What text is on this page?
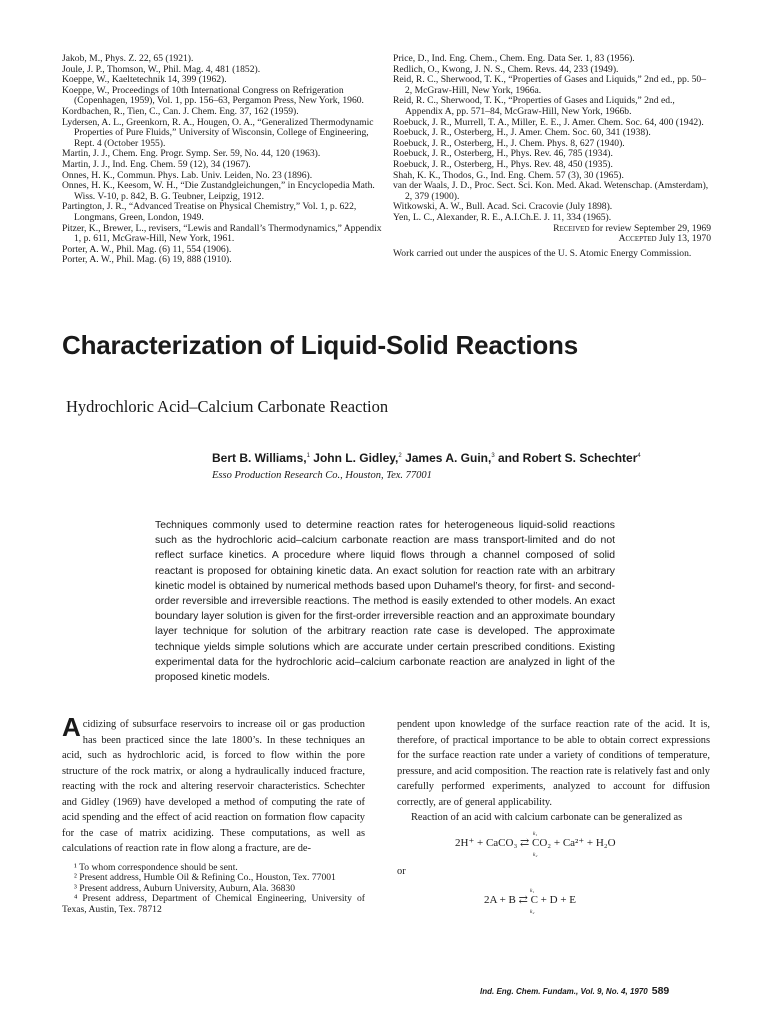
Jakob, M., Phys. Z. 22, 65 (1921).

Joule, J. P., Thomson, W., Phil. Mag. 4, 481 (1852).

Koeppe, W., Kaeltetechnik 14, 399 (1962).

Koeppe, W., Proceedings of 10th International Congress on Refrigeration (Copenhagen, 1959), Vol. 1, pp. 156–63, Pergamon Press, New York, 1960.

Kordbachen, R., Tien, C., Can. J. Chem. Eng. 37, 162 (1959).

Lydersen, A. L., Greenkorn, R. A., Hougen, O. A., “Generalized Thermodynamic Properties of Pure Fluids,” University of Wisconsin, College of Engineering, Rept. 4 (October 1955).

Martin, J. J., Chem. Eng. Progr. Symp. Ser. 59, No. 44, 120 (1963).

Martin, J. J., Ind. Eng. Chem. 59 (12), 34 (1967).

Onnes, H. K., Commun. Phys. Lab. Univ. Leiden, No. 23 (1896).

Onnes, H. K., Keesom, W. H., “Die Zustandgleichungen,” in Encyclopedia Math. Wiss. V-10, p. 842, B. G. Teubner, Leipzig, 1912.

Partington, J. R., “Advanced Treatise on Physical Chemistry,” Vol. 1, p. 622, Longmans, Green, London, 1949.

Pitzer, K., Brewer, L., revisers, “Lewis and Randall’s Thermodynamics,” Appendix 1, p. 611, McGraw-Hill, New York, 1961.

Porter, A. W., Phil. Mag. (6) 11, 554 (1906).

Porter, A. W., Phil. Mag. (6) 19, 888 (1910).

Price, D., Ind. Eng. Chem., Chem. Eng. Data Ser. 1, 83 (1956).

Redlich, O., Kwong, J. N. S., Chem. Revs. 44, 233 (1949).

Reid, R. C., Sherwood, T. K., “Properties of Gases and Liquids,” 2nd ed., pp. 50–2, McGraw-Hill, New York, 1966a.

Reid, R. C., Sherwood, T. K., “Properties of Gases and Liquids,” 2nd ed., Appendix A, pp. 571–84, McGraw-Hill, New York, 1966b.

Roebuck, J. R., Murrell, T. A., Miller, E. E., J. Amer. Chem. Soc. 64, 400 (1942).

Roebuck, J. R., Osterberg, H., J. Amer. Chem. Soc. 60, 341 (1938).

Roebuck, J. R., Osterberg, H., J. Chem. Phys. 8, 627 (1940).

Roebuck, J. R., Osterberg, H., Phys. Rev. 46, 785 (1934).

Roebuck, J. R., Osterberg, H., Phys. Rev. 48, 450 (1935).

Shah, K. K., Thodos, G., Ind. Eng. Chem. 57 (3), 30 (1965).

van der Waals, J. D., Proc. Sect. Sci. Kon. Med. Akad. Wetenschap. (Amsterdam), 2, 379 (1900).

Witkowski, A. W., Bull. Acad. Sci. Cracovie (July 1898).

Yen, L. C., Alexander, R. E., A.I.Ch.E. J. 11, 334 (1965).

Received for review September 29, 1969

Accepted July 13, 1970

Work carried out under the auspices of the U. S. Atomic Energy Commission.

Characterization of Liquid-Solid Reactions
Hydrochloric Acid–Calcium Carbonate Reaction

Bert B. Williams,$^1$ John L. Gidley,$^2$ James A. Guin,$^3$ and Robert S. Schechter$^4$

Esso Production Research Co., Houston, Tex. 77001

Techniques commonly used to determine reaction rates for heterogeneous liquid-solid reactions such as the hydrochloric acid–calcium carbonate reaction are mass transport-limited and do not reflect surface kinetics. A procedure where liquid flows through a channel composed of solid reactant is proposed for obtaining kinetic data. An exact solution for reaction rate with an arbitrary kinetic model is obtained by numerical methods based upon Duhamel’s theory, for first- and second-order reversible and irreversible reactions. The method is easily extended to other models. An exact boundary layer solution is given for the first-order irreversible reaction and an approximate boundary layer technique for solution of the arbitrary reaction rate case is developed. The approximate technique yields simple solutions which are accurate under certain prescribed conditions. Existing experimental data for the hydrochloric acid–calcium carbonate reaction are analyzed in light of the proposed kinetic models.

Acidizing of subsurface reservoirs to increase oil or gas production has been practiced since the late 1800’s. In these techniques an acid, such as hydrochloric acid, is forced to flow within the pore structure of the rock matrix, or along a hydraulically induced fracture, reacting with the rock and altering reservoir characteristics. Schechter and Gidley (1969) have developed a method of computing the rate of acid spending and the effect of acid reaction on formation flow capacity for the case of matrix acidizing. These computations, as well as calculations of reaction rate in flow along a fracture, are de-

¹ To whom correspondence should be sent.

² Present address, Humble Oil & Refining Co., Houston, Tex. 77001

³ Present address, Auburn University, Auburn, Ala. 36830

⁴ Present address, Department of Chemical Engineering, University of Texas, Austin, Tex. 78712

pendent upon knowledge of the surface reaction rate of the acid. It is, therefore, of practical importance to be able to obtain correct expressions for the surface reaction rate under a variety of conditions of temperature, pressure, and acid composition. The reaction rate is relatively fast and only carefully performed experiments, analyzed to account for diffusion correctly, are of general applicability.

Reaction of an acid with calcium carbonate can be generalized as

k₁
2H⁺ + CaCO₃ ⇄ CO₂ + Ca²⁺ + H₂O
k₂

or

k₁
2A + B ⇄ C + D + E
k₂
Ind. Eng. Chem. Fundam., Vol. 9, No. 4, 1970 589
